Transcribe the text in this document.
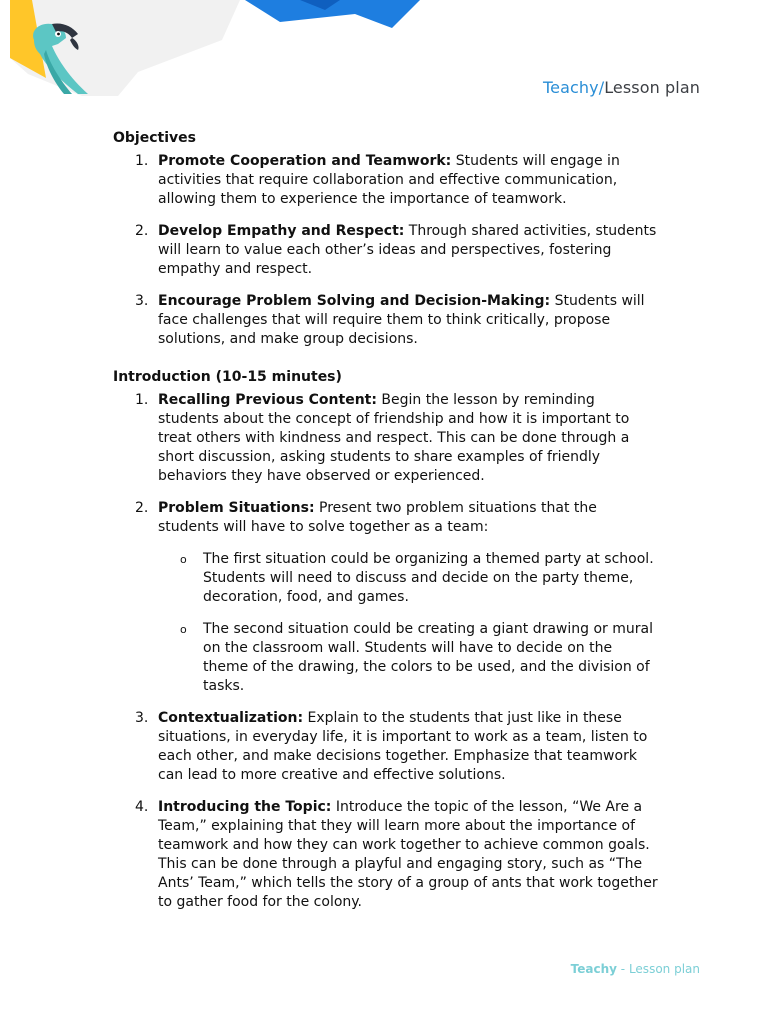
Teachy/Lesson plan
Objectives
1. Promote Cooperation and Teamwork: Students will engage in activities that require collaboration and effective communication, allowing them to experience the importance of teamwork.
2. Develop Empathy and Respect: Through shared activities, students will learn to value each other’s ideas and perspectives, fostering empathy and respect.
3. Encourage Problem Solving and Decision-Making: Students will face challenges that will require them to think critically, propose solutions, and make group decisions.
Introduction (10-15 minutes)
1. Recalling Previous Content: Begin the lesson by reminding students about the concept of friendship and how it is important to treat others with kindness and respect. This can be done through a short discussion, asking students to share examples of friendly behaviors they have observed or experienced.
2. Problem Situations: Present two problem situations that the students will have to solve together as a team:
o The first situation could be organizing a themed party at school. Students will need to discuss and decide on the party theme, decoration, food, and games.
o The second situation could be creating a giant drawing or mural on the classroom wall. Students will have to decide on the theme of the drawing, the colors to be used, and the division of tasks.
3. Contextualization: Explain to the students that just like in these situations, in everyday life, it is important to work as a team, listen to each other, and make decisions together. Emphasize that teamwork can lead to more creative and effective solutions.
4. Introducing the Topic: Introduce the topic of the lesson, “We Are a Team,” explaining that they will learn more about the importance of teamwork and how they can work together to achieve common goals. This can be done through a playful and engaging story, such as “The Ants’ Team,” which tells the story of a group of ants that work together to gather food for the colony.
Teachy - Lesson plan
